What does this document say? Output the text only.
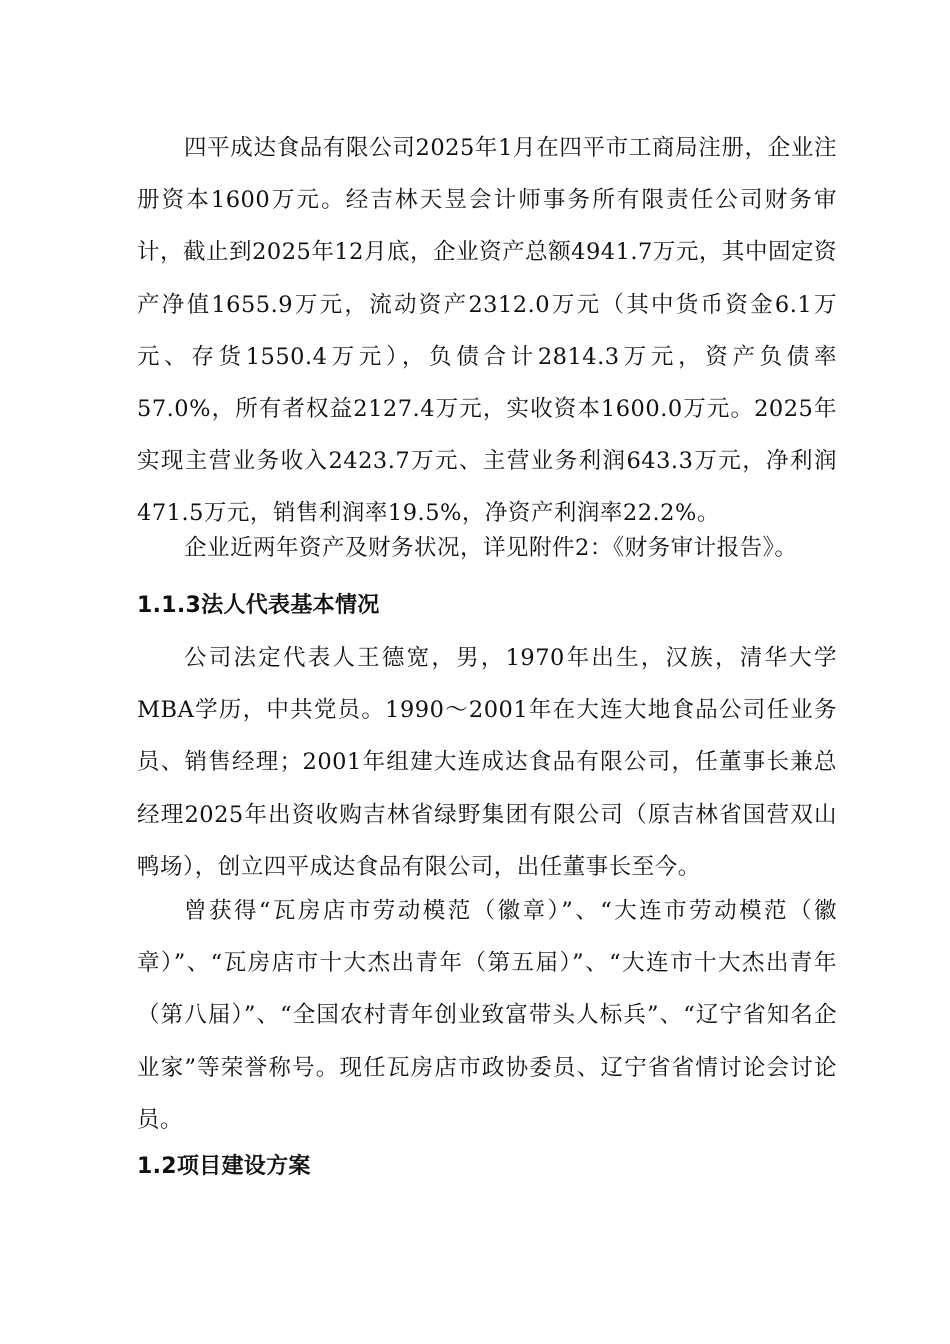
四平成达食品有限公司2025年1月在四平市工商局注册，企业注册资本1600万元。经吉林天昱会计师事务所有限责任公司财务审计，截止到2025年12月底，企业资产总额4941.7万元，其中固定资产净值1655.9万元，流动资产2312.0万元（其中货币资金6.1万元、存货1550.4万元），负债合计2814.3万元，资产负债率57.0%，所有者权益2127.4万元，实收资本1600.0万元。2025年实现主营业务收入2423.7万元、主营业务利润643.3万元，净利润471.5万元，销售利润率19.5%，净资产利润率22.2%。

企业近两年资产及财务状况，详见附件2：《财务审计报告》。

1.1.3法人代表基本情况

公司法定代表人王德宽，男，1970年出生，汉族，清华大学MBA学历，中共党员。1990～2001年在大连大地食品公司任业务员、销售经理；2001年组建大连成达食品有限公司，任董事长兼总经理2025年出资收购吉林省绿野集团有限公司（原吉林省国营双山鸭场），创立四平成达食品有限公司，出任董事长至今。

曾获得“瓦房店市劳动模范（徽章）”、“大连市劳动模范（徽章）”、“瓦房店市十大杰出青年（第五届）”、“大连市十大杰出青年（第八届）”、“全国农村青年创业致富带头人标兵”、“辽宁省知名企业家”等荣誉称号。现任瓦房店市政协委员、辽宁省省情讨论会讨论员。

1.2项目建设方案
